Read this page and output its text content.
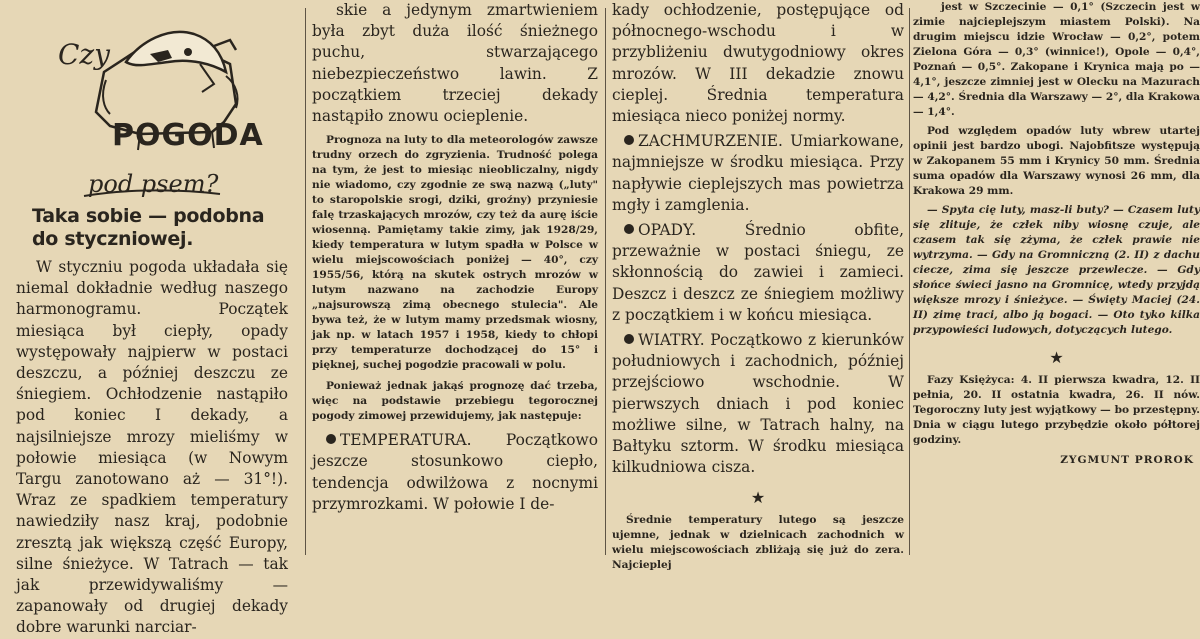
Czy
POGODA
pod psem?
Taka sobie — podobna do styczniowej.

W styczniu pogoda układała się niemal dokładnie według naszego harmonogramu. Początek miesiąca był ciepły, opady występowały najpierw w postaci deszczu, a później deszczu ze śniegiem. Ochłodzenie nastąpiło pod koniec I dekady, a najsilniejsze mrozy mieliśmy w połowie miesiąca (w Nowym Targu zanotowano aż — 31°!). Wraz ze spadkiem temperatury nawiedziły nasz kraj, podobnie zresztą jak większą część Europy, silne śnieżyce. W Tatrach — tak jak przewidywaliśmy — zapanowały od drugiej dekady dobre warunki narciar-

skie a jedynym zmartwieniem była zbyt duża ilość śnieżnego puchu, stwarzającego niebezpieczeństwo lawin. Z początkiem trzeciej dekady nastąpiło znowu ocieplenie.

Prognoza na luty to dla meteorologów zawsze trudny orzech do zgryzienia. Trudność polega na tym, że jest to miesiąc nieobliczalny, nigdy nie wiadomo, czy zgodnie ze swą nazwą („luty" to staropolskie srogi, dziki, groźny) przyniesie falę trzaskających mrozów, czy też da aurę iście wiosenną. Pamiętamy takie zimy, jak 1928/29, kiedy temperatura w lutym spadła w Polsce w wielu miejscowościach poniżej — 40°, czy 1955/56, którą na skutek ostrych mrozów w lutym nazwano na zachodzie Europy „najsurowszą zimą obecnego stulecia". Ale bywa też, że w lutym mamy przedsmak wiosny, jak np. w latach 1957 i 1958, kiedy to chłopi przy temperaturze dochodzącej do 15° i pięknej, suchej pogodzie pracowali w polu.

Ponieważ jednak jakąś prognozę dać trzeba, więc na podstawie przebiegu tegorocznej pogody zimowej przewidujemy, jak następuje:

TEMPERATURA. Początkowo jeszcze stosunkowo ciepło, tendencja odwilżowa z nocnymi przymrozkami. W połowie I de-

kady ochłodzenie, postępujące od północnego-wschodu i w przybliżeniu dwutygodniowy okres mrozów. W III dekadzie znowu cieplej. Średnia temperatura miesiąca nieco poniżej normy.

ZACHMURZENIE. Umiarkowane, najmniejsze w środku miesiąca. Przy napływie cieplejszych mas powietrza mgły i zamglenia.

OPADY.	Średnio obfite, przeważnie w postaci śniegu, ze skłonnością do zawiei i zamieci. Deszcz i deszcz ze śniegiem możliwy z początkiem i w końcu miesiąca.

WIATRY. Początkowo z kierunków południowych i zachodnich, później przejściowo wschodnie. W pierwszych dniach i pod koniec możliwe silne, w Tatrach halny, na Bałtyku sztorm. W środku miesiąca kilkudniowa cisza.

★

Średnie temperatury lutego są jeszcze ujemne, jednak w dzielnicach zachodnich w wielu miejscowościach zbliżają się już do zera. Najcieplej

jest w Szczecinie — 0,1° (Szczecin jest w zimie najcieplejszym miastem Polski). Na drugim miejscu idzie Wrocław — 0,2°, potem Zielona Góra — 0,3° (winnice!), Opole — 0,4°, Poznań — 0,5°. Zakopane i Krynica mają po — 4,1°, jeszcze zimniej jest w Olecku na Mazurach — 4,2°. Średnia dla Warszawy — 2°, dla Krakowa — 1,4°.

Pod względem opadów luty wbrew utartej opinii jest bardzo ubogi. Najobfitsze występują w Zakopanem 55 mm i Krynicy 50 mm. Średnia suma opadów dla Warszawy wynosi 26 mm, dla Krakowa 29 mm.

— Spyta cię luty, masz-li buty? — Czasem luty się zlituje, że człek niby wiosnę czuje, ale czasem tak się zżyma, że człek prawie nie wytrzyma. — Gdy na Gromniczną (2. II) z dachu ciecze, zima się jeszcze przewlecze. — Gdy słońce świeci jasno na Gromnicę, wtedy przyjdą większe mrozy i śnieżyce. — Święty Maciej (24. II) zimę traci, albo ją bogaci. — Oto tyko kilka przypowieści ludowych, dotyczących lutego.

★

Fazy Księżyca: 4. II pierwsza kwadra, 12. II pełnia, 20. II ostatnia kwadra, 26. II nów. Tegoroczny luty jest wyjątkowy — bo przestępny. Dnia w ciągu lutego przybędzie około półtorej godziny.

ZYGMUNT PROROK
